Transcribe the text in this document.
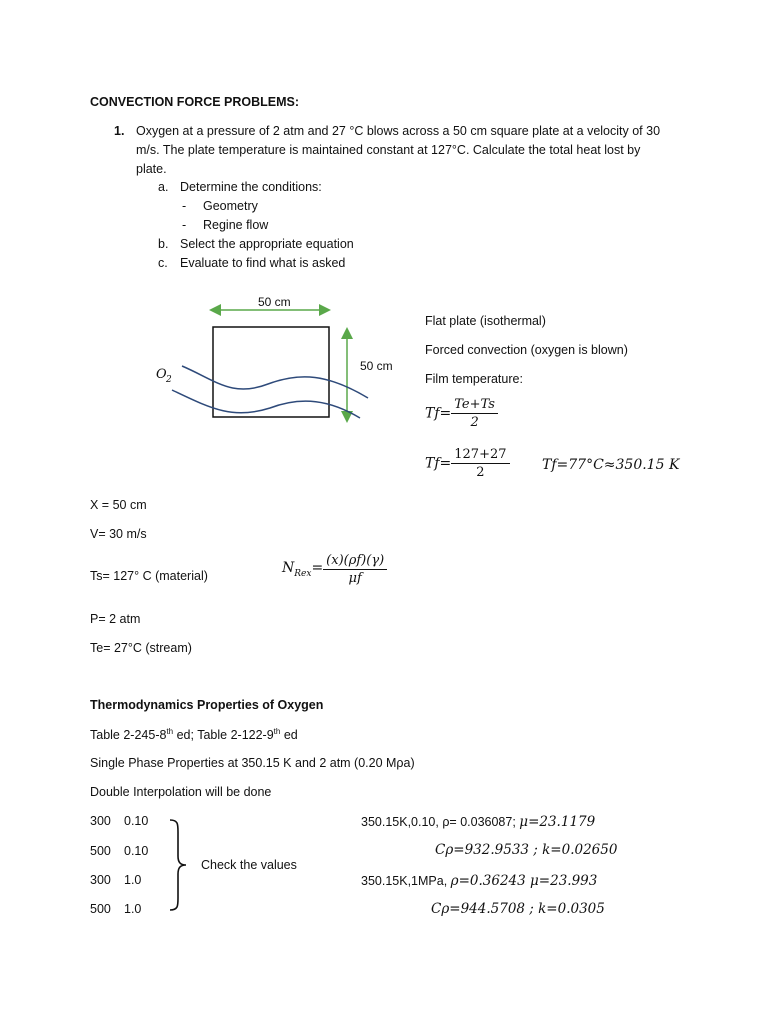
CONVECTION FORCE PROBLEMS:
1. Oxygen at a pressure of 2 atm and 27 °C blows across a 50 cm square plate at a velocity of 30
m/s. The plate temperature is maintained constant at 127°C. Calculate the total heat lost by
plate.
a. Determine the conditions:
- Geometry
- Regine flow
b. Select the appropriate equation
c. Evaluate to find what is asked
50 cm
50 cm
O 2
Flat plate (isothermal)
Forced convection (oxygen is blown)
Film temperature:
$Tf= \frac{Te+Ts}{2}$
$Tf= \frac{127+27}{2} Tf=77^\circ C\approx 350.15$ K
X = 50 cm
V= 30 m/s
Ts= 127° C (material)
P= 2 atm
Te= 27°C (stream)
$N_{Rex}= \frac{(x)(\rho f)(\gamma)}{\mu f}$
Thermodynamics Properties of Oxygen
Table 2-245-8th ed; Table 2-122-9th ed
Single Phase Properties at 350.15 K and 2 atm (0.20 Mρa)
Double Interpolation will be done
300 0.10
500 0.10
300 1.0
500 1.0
Check the values
350.15K,0.10, ρ= 0.036087; μ=23.1179
Cρ=932.9533 ; k=0.02650
350.15K,1MPa, ρ=0.36243 μ=23.993
Cρ=944.5708 ; k=0.0305
